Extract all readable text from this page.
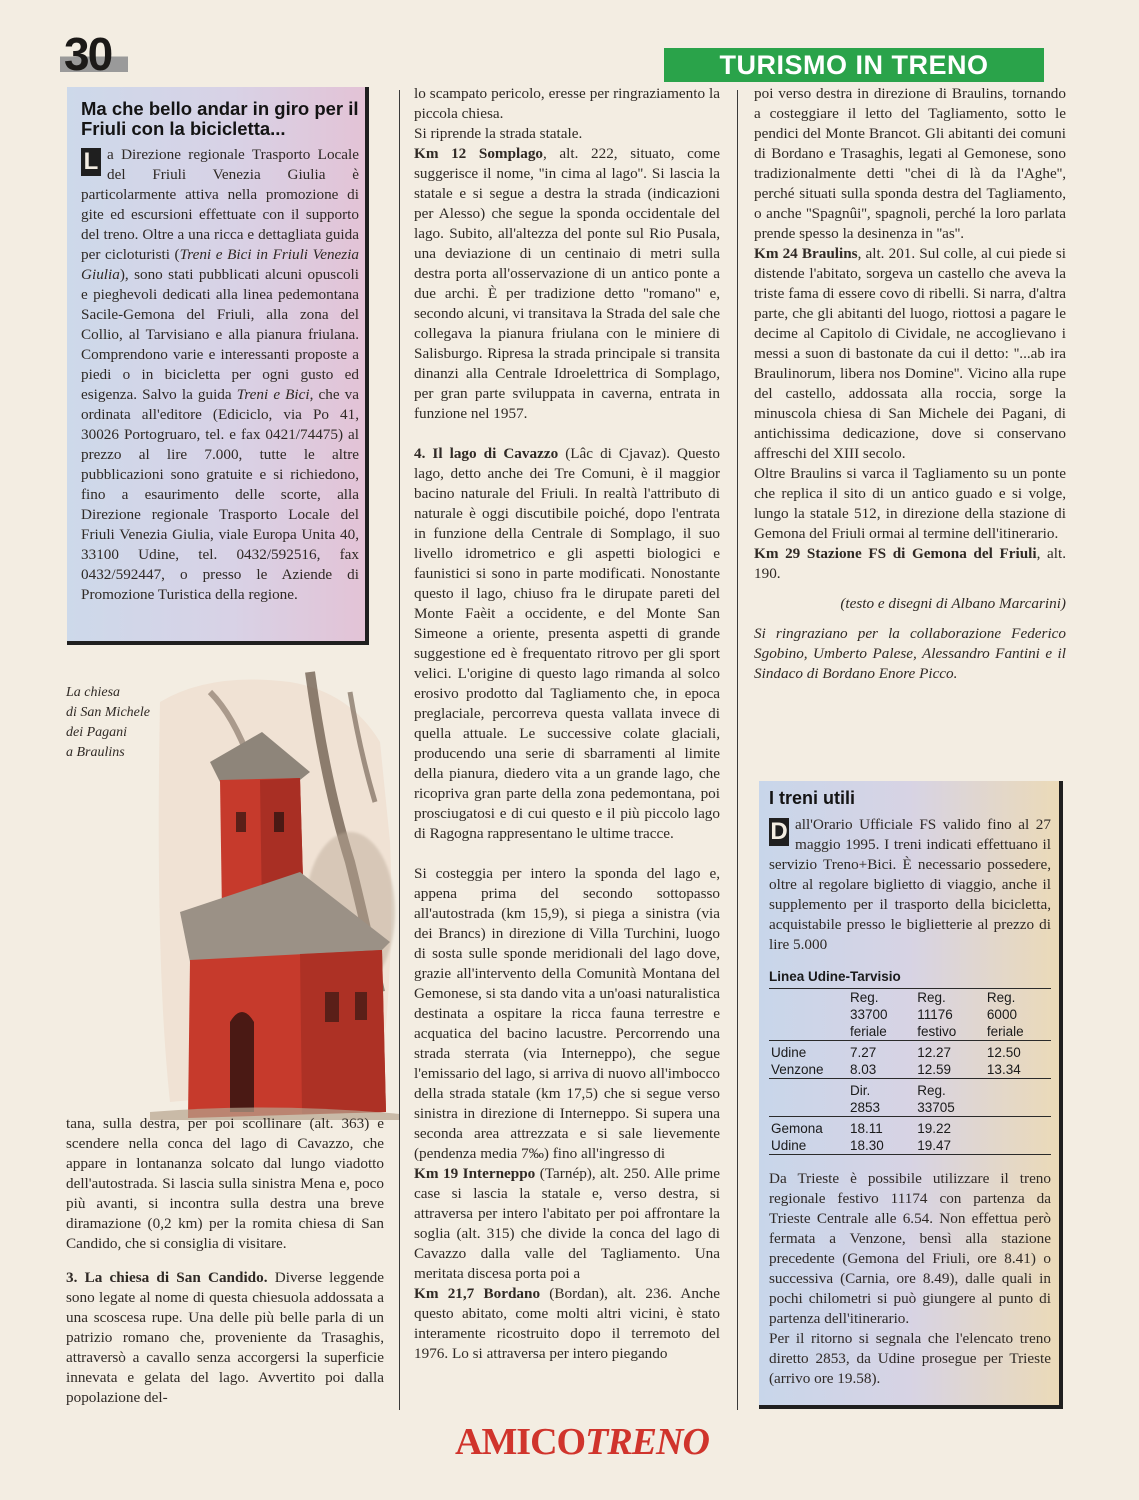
30	TURISMO IN TRENO
Ma che bello andar in giro per il Friuli con la bicicletta...

L a Direzione regionale Trasporto Locale del Friuli Venezia Giulia è particolarmente attiva nella promozione di gite ed escursioni effettuate con il supporto del treno. Oltre a una ricca e dettagliata guida per cicloturisti (Treni e Bici in Friuli Venezia Giulia), sono stati pubblicati alcuni opuscoli e pieghevoli dedicati alla linea pedemontana Sacile-Gemona del Friuli, alla zona del Collio, al Tarvisiano e alla pianura friulana. Comprendono varie e interessanti proposte a piedi o in bicicletta per ogni gusto ed esigenza. Salvo la guida Treni e Bici, che va ordinata all'editore (Ediciclo, via Po 41, 30026 Portogruaro, tel. e fax 0421/74475) al prezzo al lire 7.000, tutte le altre pubblicazioni sono gratuite e si richiedono, fino a esaurimento delle scorte, alla Direzione regionale Trasporto Locale del Friuli Venezia Giulia, viale Europa Unita 40, 33100 Udine, tel. 0432/592516, fax 0432/592447, o presso le Aziende di Promozione Turistica della regione.

La chiesa
di San Michele
dei Pagani
a Braulins

tana, sulla destra, per poi scollinare (alt. 363) e scendere nella conca del lago di Cavazzo, che appare in lontananza solcato dal lungo viadotto dell'autostrada. Si lascia sulla sinistra Mena e, poco più avanti, si incontra sulla destra una breve diramazione (0,2 km) per la romita chiesa di San Candido, che si consiglia di visitare.

3. La chiesa di San Candido. Diverse leggende sono legate al nome di questa chiesuola addossata a una scoscesa rupe. Una delle più belle parla di un patrizio romano che, proveniente da Trasaghis, attraversò a cavallo senza accorgersi la superficie innevata e gelata del lago. Avvertito poi dalla popolazione del-

lo scampato pericolo, eresse per ringraziamento la piccola chiesa.

Si riprende la strada statale.

Km 12 Somplago, alt. 222, situato, come suggerisce il nome, ''in cima al lago''. Si lascia la statale e si segue a destra la strada (indicazioni per Alesso) che segue la sponda occidentale del lago. Subito, all'altezza del ponte sul Rio Pusala, una deviazione di un centinaio di metri sulla destra porta all'osservazione di un antico ponte a due archi. È per tradizione detto ''romano'' e, secondo alcuni, vi transitava la Strada del sale che collegava la pianura friulana con le miniere di Salisburgo. Ripresa la strada principale si transita dinanzi alla Centrale Idroelettrica di Somplago, per gran parte sviluppata in caverna, entrata in funzione nel 1957.

4. Il lago di Cavazzo (Lâc di Cjavaz). Questo lago, detto anche dei Tre Comuni, è il maggior bacino naturale del Friuli. In realtà l'attributo di naturale è oggi discutibile poiché, dopo l'entrata in funzione della Centrale di Somplago, il suo livello idrometrico e gli aspetti biologici e faunistici si sono in parte modificati. Nonostante questo il lago, chiuso fra le dirupate pareti del Monte Faèit a occidente, e del Monte San Simeone a oriente, presenta aspetti di grande suggestione ed è frequentato ritrovo per gli sport velici. L'origine di questo lago rimanda al solco erosivo prodotto dal Tagliamento che, in epoca preglaciale, percorreva questa vallata invece di quella attuale. Le successive colate glaciali, producendo una serie di sbarramenti al limite della pianura, diedero vita a un grande lago, che ricopriva gran parte della zona pedemontana, poi prosciugatosi e di cui questo e il più piccolo lago di Ragogna rappresentano le ultime tracce.

Si costeggia per intero la sponda del lago e, appena prima del secondo sottopasso all'autostrada (km 15,9), si piega a sinistra (via dei Brancs) in direzione di Villa Turchini, luogo di sosta sulle sponde meridionali del lago dove, grazie all'intervento della Comunità Montana del Gemonese, si sta dando vita a un'oasi naturalistica destinata a ospitare la ricca fauna terrestre e acquatica del bacino lacustre. Percorrendo una strada sterrata (via Interneppo), che segue l'emissario del lago, si arriva di nuovo all'imbocco della strada statale (km 17,5) che si segue verso sinistra in direzione di Interneppo. Si supera una seconda area attrezzata e si sale lievemente (pendenza media 7‰) fino all'ingresso di

Km 19 Interneppo (Tarnép), alt. 250. Alle prime case si lascia la statale e, verso destra, si attraversa per intero l'abitato per poi affrontare la soglia (alt. 315) che divide la conca del lago di Cavazzo dalla valle del Tagliamento. Una meritata discesa porta poi a

Km 21,7 Bordano (Bordan), alt. 236. Anche questo abitato, come molti altri vicini, è stato interamente ricostruito dopo il terremoto del 1976. Lo si attraversa per intero piegando

poi verso destra in direzione di Braulins, tornando a costeggiare il letto del Tagliamento, sotto le pendici del Monte Brancot. Gli abitanti dei comuni di Bordano e Trasaghis, legati al Gemonese, sono tradizionalmente detti ''chei di là da l'Aghe'', perché situati sulla sponda destra del Tagliamento, o anche ''Spagnûi'', spagnoli, perché la loro parlata prende spesso la desinenza in ''as''.

Km 24 Braulins, alt. 201. Sul colle, al cui piede si distende l'abitato, sorgeva un castello che aveva la triste fama di essere covo di ribelli. Si narra, d'altra parte, che gli abitanti del luogo, riottosi a pagare le decime al Capitolo di Cividale, ne accoglievano i messi a suon di bastonate da cui il detto: ''...ab ira Braulinorum, libera nos Domine''. Vicino alla rupe del castello, addossata alla roccia, sorge la minuscola chiesa di San Michele dei Pagani, di antichissima dedicazione, dove si conservano affreschi del XIII secolo.

Oltre Braulins si varca il Tagliamento su un ponte che replica il sito di un antico guado e si volge, lungo la statale 512, in direzione della stazione di Gemona del Friuli ormai al termine dell'itinerario.

Km 29 Stazione FS di Gemona del Friuli, alt. 190.

(testo e disegni di Albano Marcarini)

Si ringraziano per la collaborazione Federico Sgobino, Umberto Palese, Alessandro Fantini e il Sindaco di Bordano Enore Picco.

I treni utili

D all'Orario Ufficiale FS valido fino al 27 maggio 1995. I treni indicati effettuano il servizio Treno+Bici. È necessario possedere, oltre al regolare biglietto di viaggio, anche il supplemento per il trasporto della bicicletta, acquistabile presso le biglietterie al prezzo di lire 5.000

Linea Udine-Tarvisio
	Reg.	Reg.	Reg.
	33700	11176	6000
	feriale	festivo	feriale
Udine	7.27	12.27	12.50
Venzone	8.03	12.59	13.34
	Dir.	Reg.	
	2853	33705	
Gemona	18.11	19.22	
Udine	18.30	19.47	

Da Trieste è possibile utilizzare il treno regionale festivo 11174 con partenza da Trieste Centrale alle 6.54. Non effettua però fermata a Venzone, bensì alla stazione precedente (Gemona del Friuli, ore 8.41) o successiva (Carnia, ore 8.49), dalle quali in pochi chilometri si può giungere al punto di partenza dell'itinerario.

Per il ritorno si segnala che l'elencato treno diretto 2853, da Udine prosegue per Trieste (arrivo ore 19.58).

AMICOTRENO
